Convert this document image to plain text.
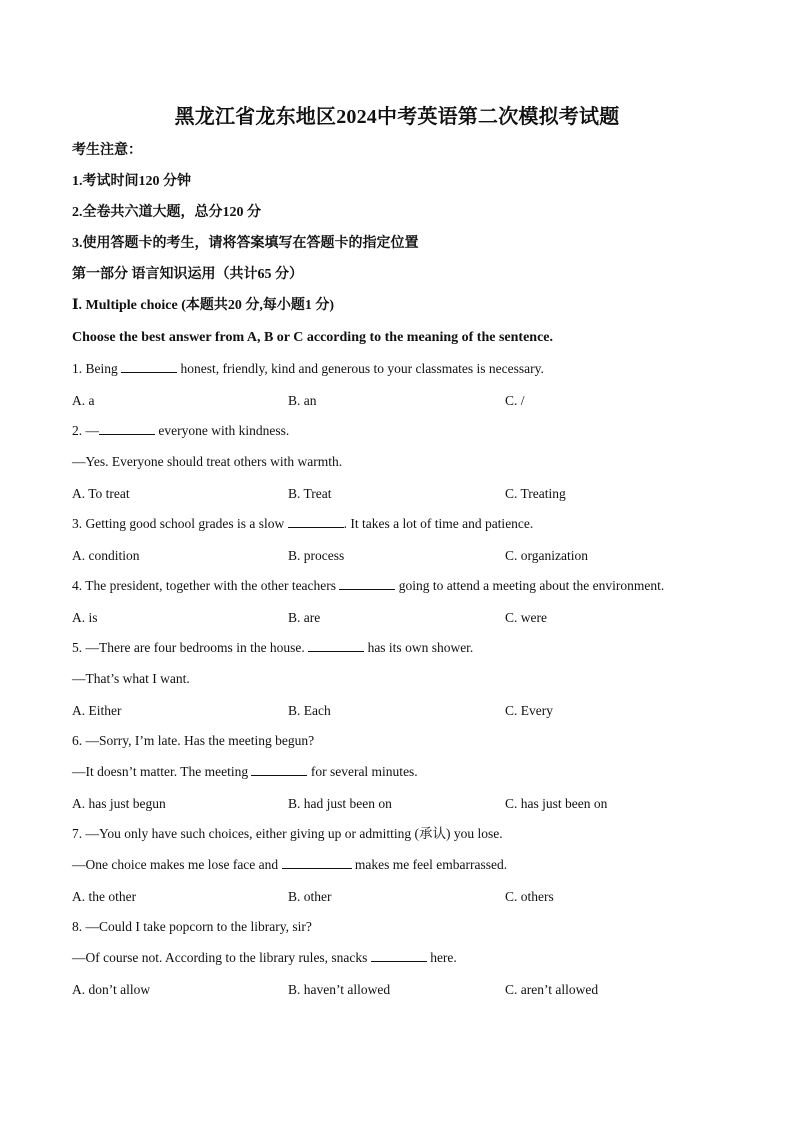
黑龙江省龙东地区2024中考英语第二次模拟考试题
考生注意：
1.考试时间120 分钟
2.全卷共六道大题，总分120 分
3.使用答题卡的考生，请将答案填写在答题卡的指定位置
第一部分 语言知识运用（共计65 分）
Ⅰ. Multiple choice (本题共20 分,每小题1 分)
Choose the best answer from A, B or C according to the meaning of the sentence.
1. Being	honest, friendly, kind and generous to your classmates is necessary.
A. a	B. an	C. /
2. —	everyone with kindness.
—Yes. Everyone should treat others with warmth.
A. To treat	B. Treat	C. Treating
3. Getting good school grades is a slow	. It takes a lot of time and patience.
A. condition	B. process	C. organization
4. The president, together with the other teachers	going to attend a meeting about the environment.
A. is	B. are	C. were
5. —There are four bedrooms in the house.	has its own shower.
—That’s what I want.
A. Either	B. Each	C. Every
6. —Sorry, I’m late. Has the meeting begun?
—It doesn’t matter. The meeting	for several minutes.
A. has just begun	B. had just been on	C. has just been on
7. —You only have such choices, either giving up or admitting (承认) you lose.
—One choice makes me lose face and	makes me feel embarrassed.
A. the other	B. other	C. others
8. —Could I take popcorn to the library, sir?
—Of course not. According to the library rules, snacks	here.
A. don’t allow	B. haven’t allowed	C. aren’t allowed
